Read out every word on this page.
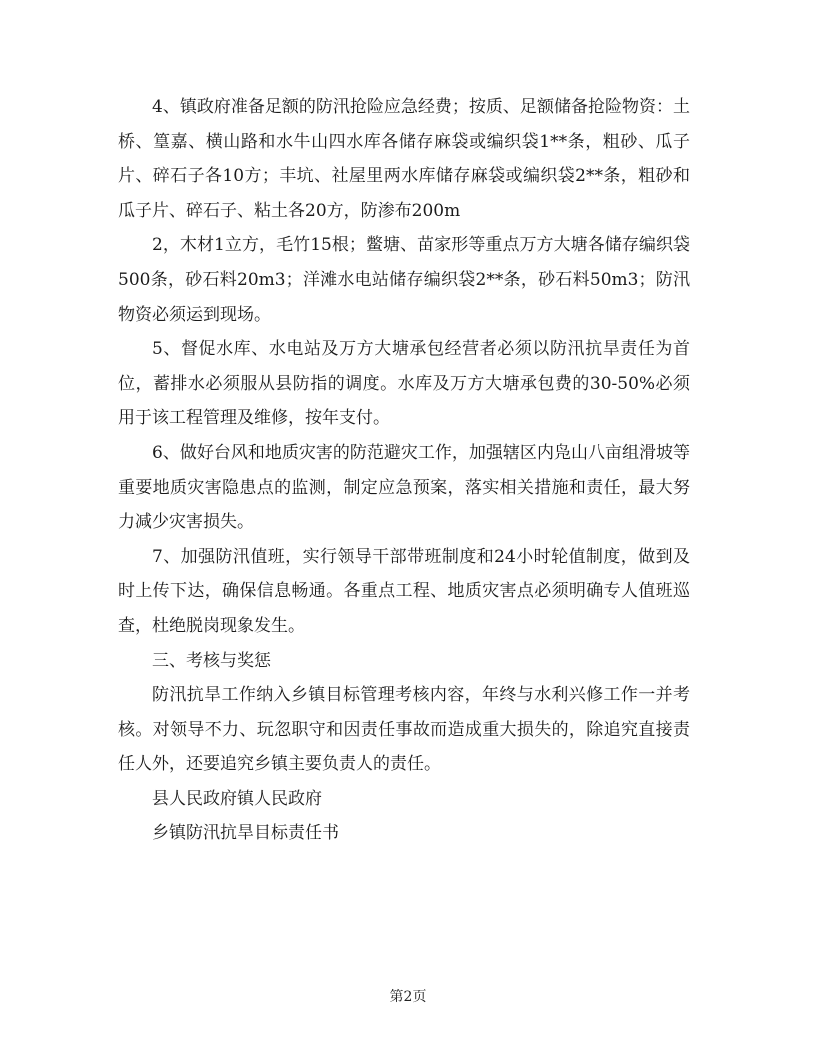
4、镇政府准备足额的防汛抢险应急经费；按质、足额储备抢险物资：土桥、篁嘉、横山路和水牛山四水库各储存麻袋或编织袋1**条，粗砂、瓜子片、碎石子各10方；丰坑、社屋里两水库储存麻袋或编织袋2**条，粗砂和瓜子片、碎石子、粘土各20方，防渗布200m

2，木材1立方，毛竹15根；鳖塘、苗家形等重点万方大塘各储存编织袋500条，砂石料20m3；洋滩水电站储存编织袋2**条，砂石料50m3；防汛物资必须运到现场。

5、督促水库、水电站及万方大塘承包经营者必须以防汛抗旱责任为首位，蓄排水必须服从县防指的调度。水库及万方大塘承包费的30-50%必须用于该工程管理及维修，按年支付。

6、做好台风和地质灾害的防范避灾工作，加强辖区内凫山八亩组滑坡等重要地质灾害隐患点的监测，制定应急预案，落实相关措施和责任，最大努力减少灾害损失。

7、加强防汛值班，实行领导干部带班制度和24小时轮值制度，做到及时上传下达，确保信息畅通。各重点工程、地质灾害点必须明确专人值班巡查，杜绝脱岗现象发生。

三、考核与奖惩

防汛抗旱工作纳入乡镇目标管理考核内容，年终与水利兴修工作一并考核。对领导不力、玩忽职守和因责任事故而造成重大损失的，除追究直接责任人外，还要追究乡镇主要负责人的责任。

县人民政府镇人民政府

乡镇防汛抗旱目标责任书

第2页
